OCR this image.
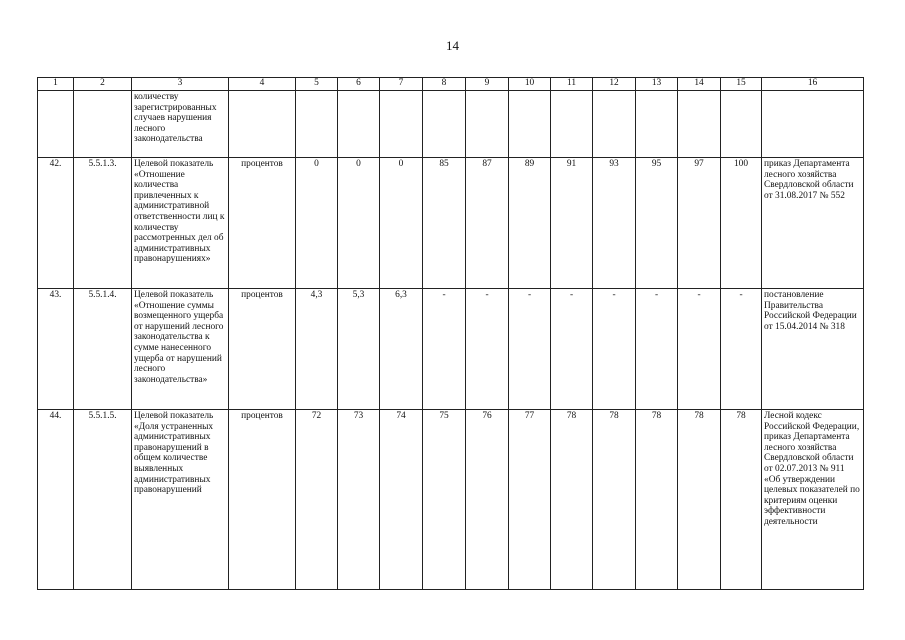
14
1	2	3	4	5	6	7	8	9	10	11	12	13	14	15	16
		количеству зарегистрированных случаев нарушения лесного законодательства													
42.	5.5.1.3.	Целевой показатель «Отношение количества привлеченных к административной ответственности лиц к количеству рассмотренных дел об административных правонарушениях»	процентов	0	0	0	85	87	89	91	93	95	97	100	приказ Департамента лесного хозяйства Свердловской области от 31.08.2017 № 552
43.	5.5.1.4.	Целевой показатель «Отношение суммы возмещенного ущерба от нарушений лесного законодательства к сумме нанесенного ущерба от нарушений лесного законодательства»	процентов	4,3	5,3	6,3	-	-	-	-	-	-	-	-	постановление Правительства Российской Федерации от 15.04.2014 № 318
44.	5.5.1.5.	Целевой показатель «Доля устраненных административных правонарушений в общем количестве выявленных административных правонарушений	процентов	72	73	74	75	76	77	78	78	78	78	78	Лесной кодекс Российской Федерации, приказ Департамента лесного хозяйства Свердловской области от 02.07.2013 № 911 «Об утверждении целевых показателей по критериям оценки эффективности деятельности
